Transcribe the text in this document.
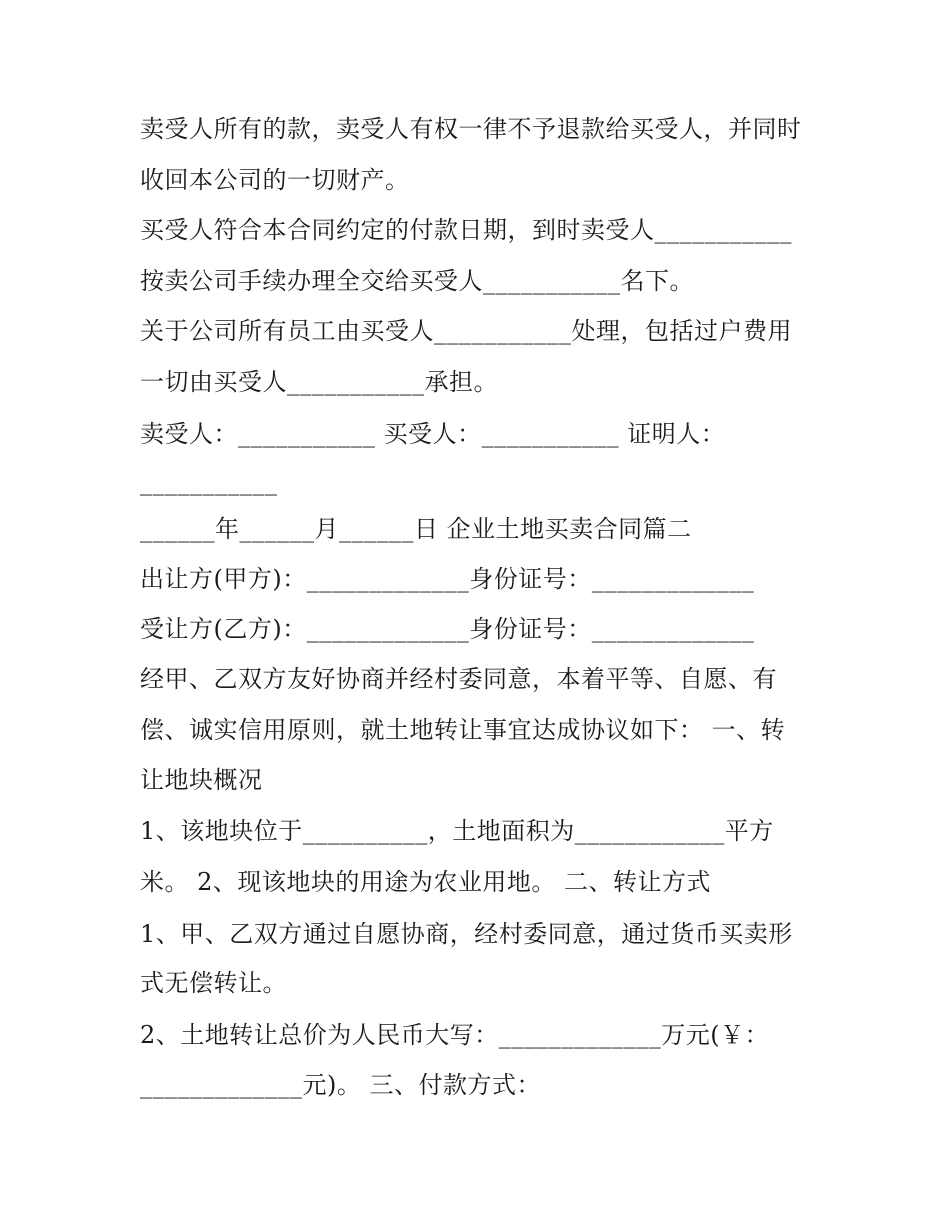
卖受人所有的款，卖受人有权一律不予退款给买受人，并同时
收回本公司的一切财产。
买受人符合本合同约定的付款日期，到时卖受人___________
按卖公司手续办理全交给买受人___________名下。
关于公司所有员工由买受人___________处理，包括过户费用
一切由买受人___________承担。
卖受人：___________ 买受人：___________ 证明人：
___________
______年______月______日 企业土地买卖合同篇二
出让方(甲方)：_____________身份证号：_____________
受让方(乙方)：_____________身份证号：_____________
经甲、乙双方友好协商并经村委同意，本着平等、自愿、有
偿、诚实信用原则，就土地转让事宜达成协议如下： 一、转
让地块概况
1、该地块位于__________，土地面积为____________平方
米。 2、现该地块的用途为农业用地。 二、转让方式
1、甲、乙双方通过自愿协商，经村委同意，通过货币买卖形
式无偿转让。
2、土地转让总价为人民币大写：_____________万元(￥：
_____________元)。 三、付款方式：
